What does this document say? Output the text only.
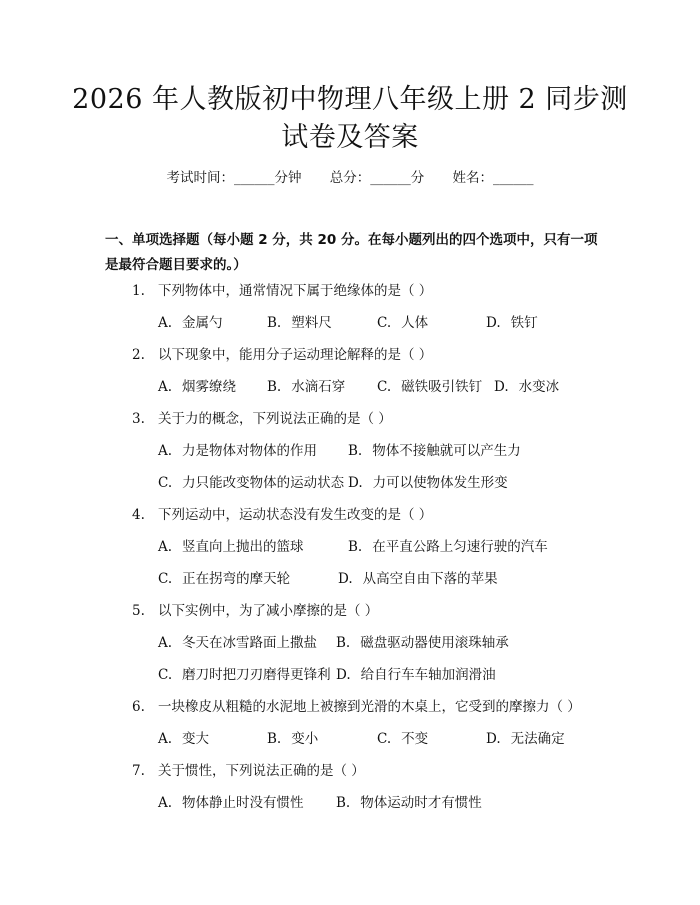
2026 年人教版初中物理八年级上册 2 同步测
试卷及答案
考试时间：______分钟 总分：______分 姓名：______
一、单项选择题（每小题 2 分，共 20 分。在每小题列出的四个选项中，只有一项是最符合题目要求的。）
1. 下列物体中，通常情况下属于绝缘体的是（ ）
A. 金属勺	B. 塑料尺	C. 人体	D. 铁钉
2. 以下现象中，能用分子运动理论解释的是（ ）
A. 烟雾缭绕 B. 水滴石穿 C. 磁铁吸引铁钉 D. 水变冰
3. 关于力的概念，下列说法正确的是（ ）
A. 力是物体对物体的作用 B. 物体不接触就可以产生力
C. 力只能改变物体的运动状态 D. 力可以使物体发生形变
4. 下列运动中，运动状态没有发生改变的是（ ）
A. 竖直向上抛出的篮球	B. 在平直公路上匀速行驶的汽车
C. 正在拐弯的摩天轮	D. 从高空自由下落的苹果
5. 以下实例中，为了减小摩擦的是（ ）
A. 冬天在冰雪路面上撒盐 B. 磁盘驱动器使用滚珠轴承
C. 磨刀时把刀刃磨得更锋利 D. 给自行车车轴加润滑油
6. 一块橡皮从粗糙的水泥地上被擦到光滑的木桌上，它受到的摩擦力（ ）
A. 变大	B. 变小	C. 不变	D. 无法确定
7. 关于惯性，下列说法正确的是（ ）
A. 物体静止时没有惯性 B. 物体运动时才有惯性
